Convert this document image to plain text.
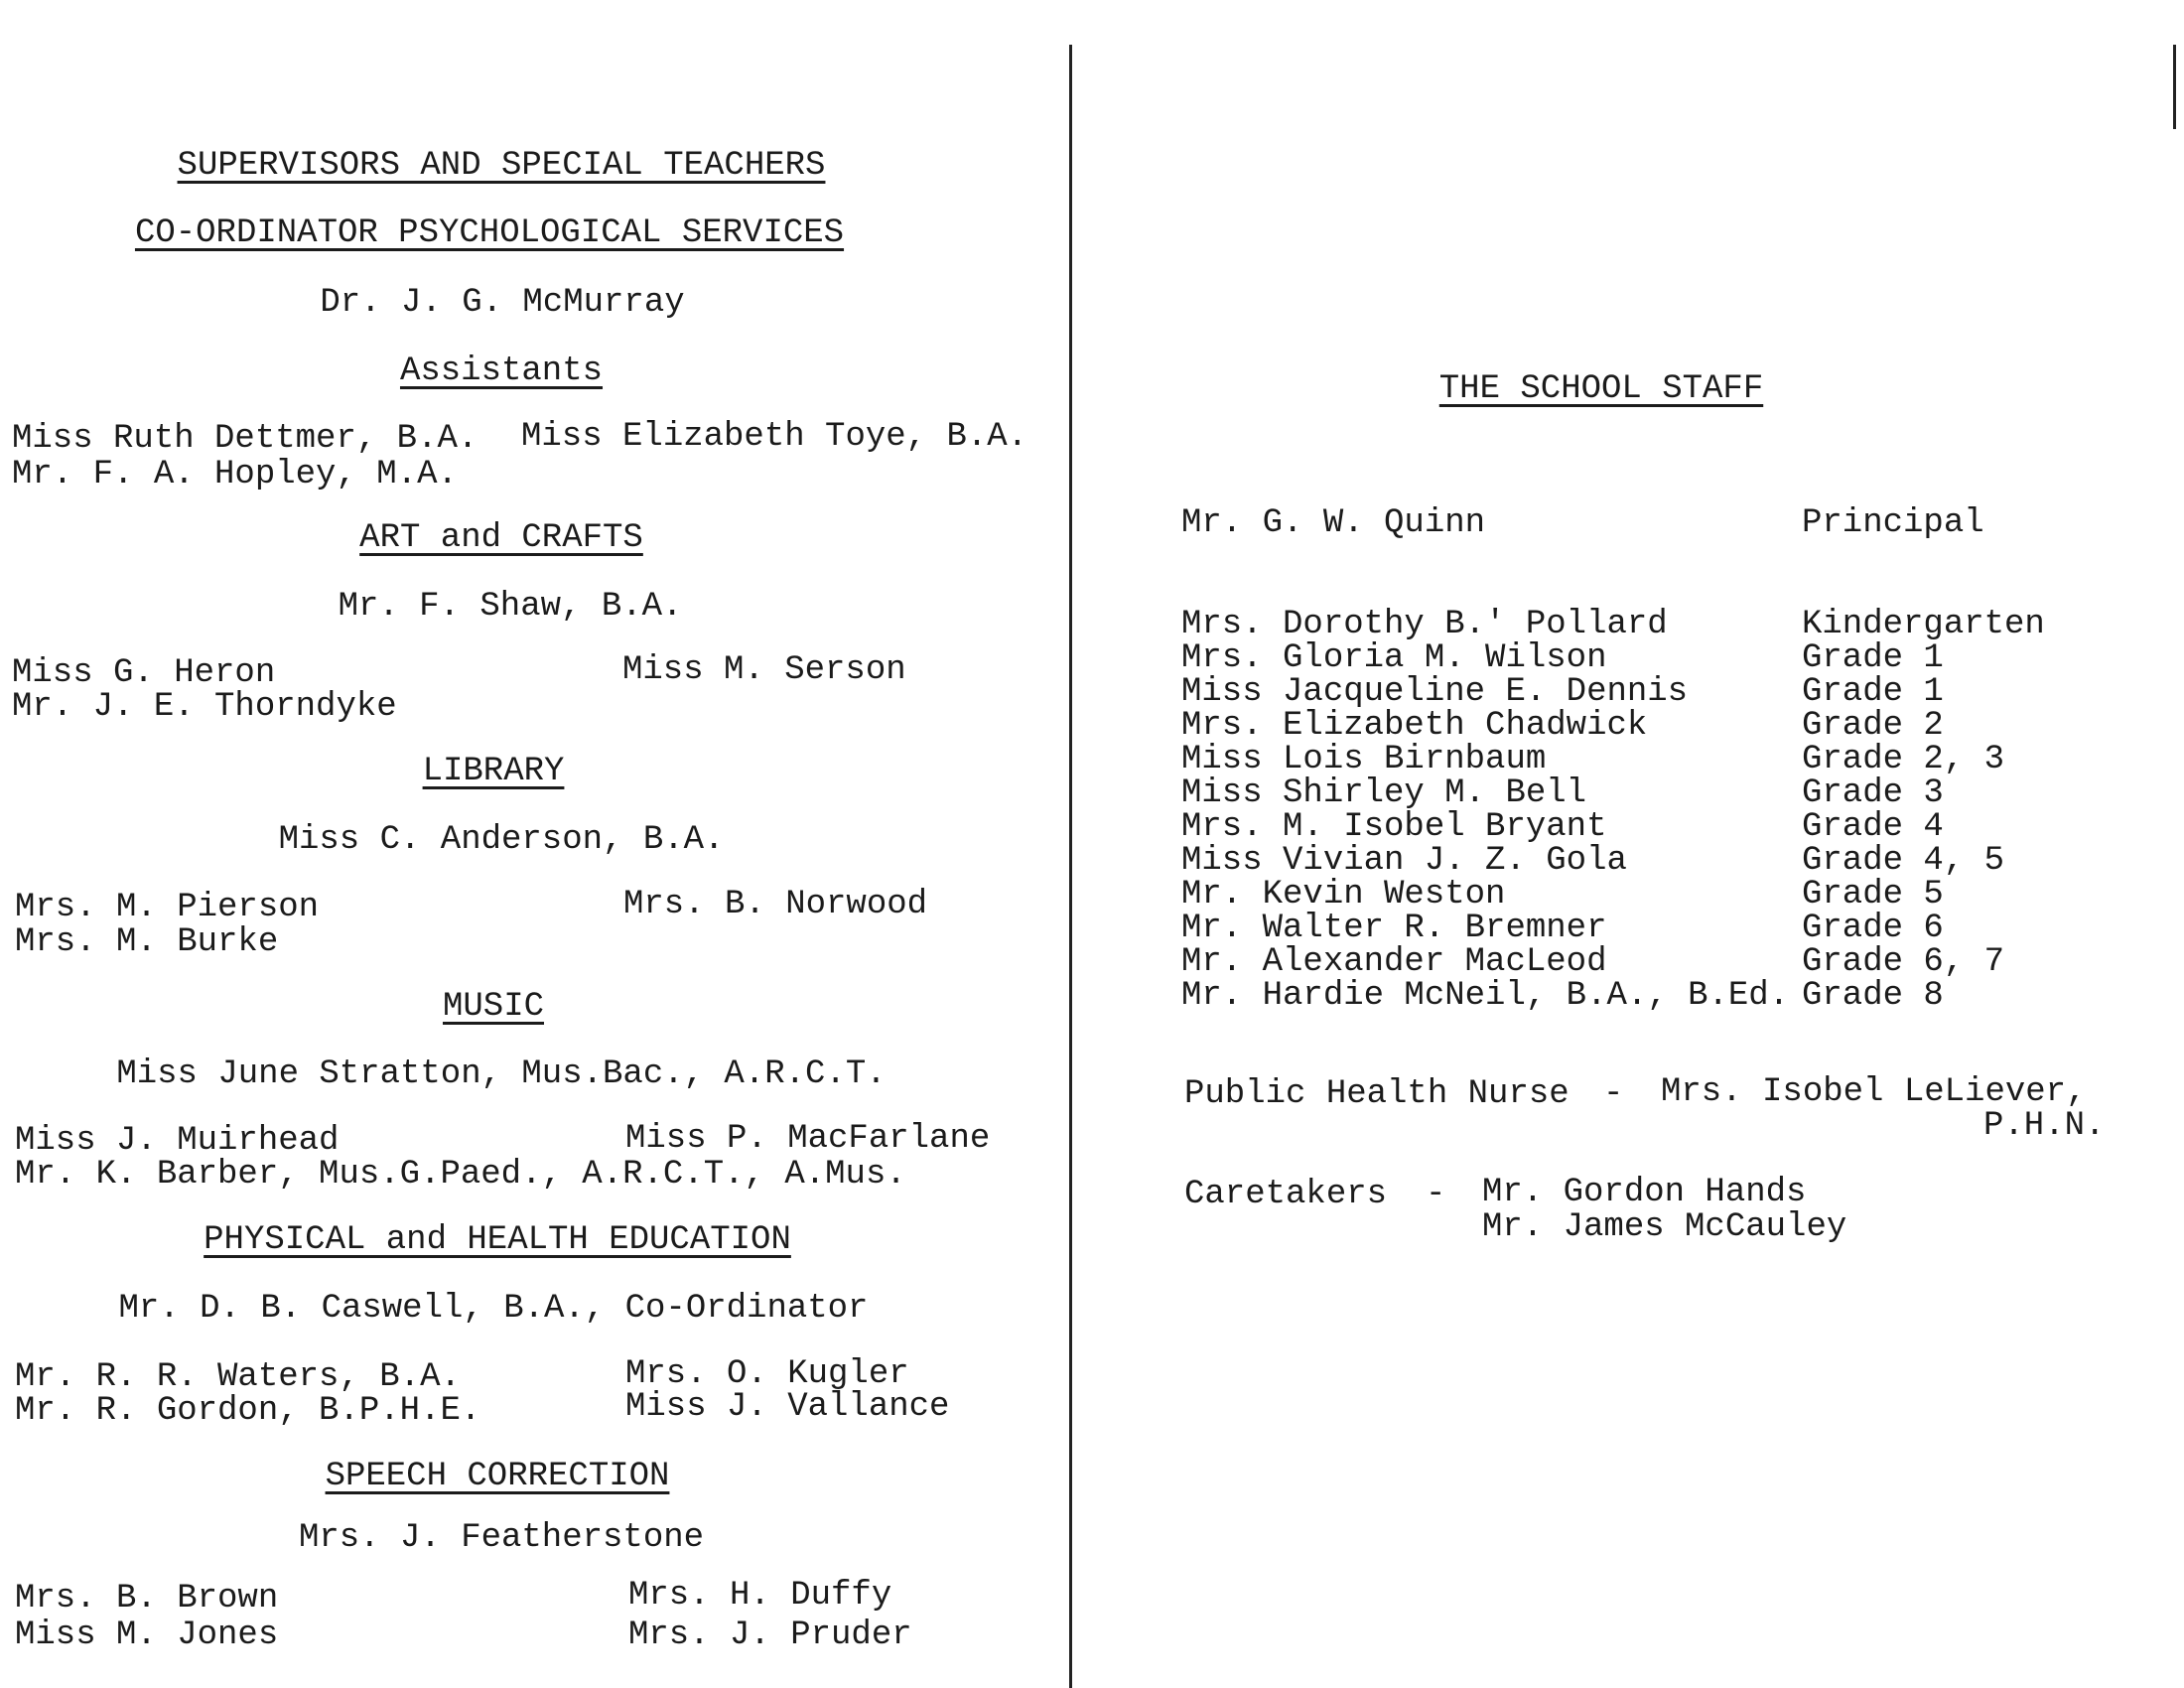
SUPERVISORS AND SPECIAL TEACHERS
CO-ORDINATOR PSYCHOLOGICAL SERVICES
Dr. J. G. McMurray
Assistants
Miss Ruth Dettmer, B.A. Miss Elizabeth Toye, B.A.
Mr. F. A. Hopley, M.A.
ART and CRAFTS
Mr. F. Shaw, B.A.
Miss G. Heron	Miss M. Serson
Mr. J. E. Thorndyke
LIBRARY
Miss C. Anderson, B.A.
Mrs. M. Pierson	Mrs. B. Norwood
Mrs. M. Burke
MUSIC
Miss June Stratton, Mus.Bac., A.R.C.T.
Miss J. Muirhead	Miss P. MacFarlane
Mr. K. Barber, Mus.G.Paed., A.R.C.T., A.Mus.
PHYSICAL and HEALTH EDUCATION
Mr. D. B. Caswell, B.A., Co-Ordinator
Mr. R. R. Waters, B.A.	Mrs. O. Kugler
Mr. R. Gordon, B.P.H.E.	Miss J. Vallance
SPEECH CORRECTION
Mrs. J. Featherstone
Mrs. B. Brown	Mrs. H. Duffy
Miss M. Jones	Mrs. J. Pruder
THE SCHOOL STAFF
Mr. G. W. Quinn	Principal
Mrs. Dorothy B.' Pollard	Kindergarten
Mrs. Gloria M. Wilson	Grade 1
Miss Jacqueline E. Dennis	Grade 1
Mrs. Elizabeth Chadwick	Grade 2
Miss Lois Birnbaum	Grade 2, 3
Miss Shirley M. Bell	Grade 3
Mrs. M. Isobel Bryant	Grade 4
Miss Vivian J. Z. Gola	Grade 4, 5
Mr. Kevin Weston	Grade 5
Mr. Walter R. Bremner	Grade 6
Mr. Alexander MacLeod	Grade 6, 7
Mr. Hardie McNeil, B.A., B.Ed. Grade 8
Public Health Nurse - Mrs. Isobel LeLiever,
P.H.N.
Caretakers - Mr. Gordon Hands
Mr. James McCauley
